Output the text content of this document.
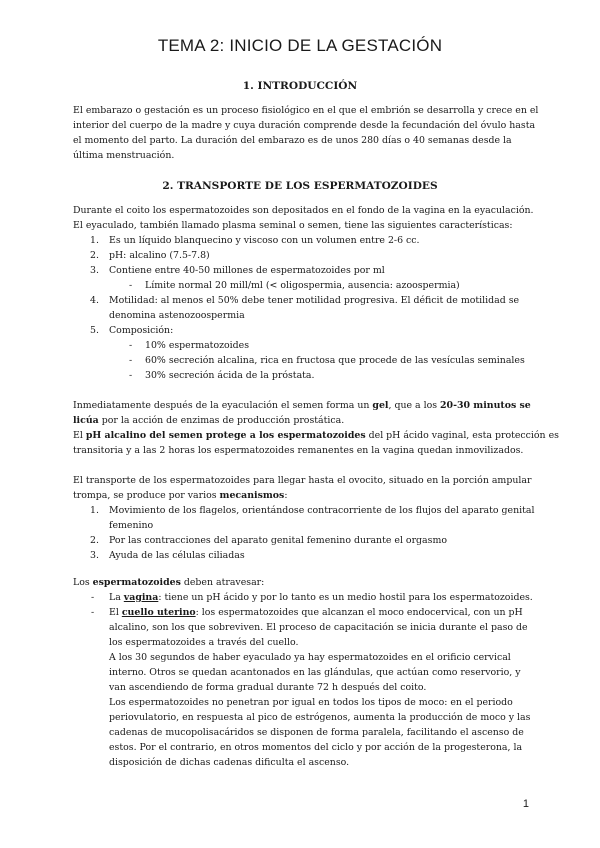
TEMA 2: INICIO DE LA GESTACIÓN
1. INTRODUCCIÓN
El embarazo o gestación es un proceso fisiológico en el que el embrión se desarrolla y crece en el
interior del cuerpo de la madre y cuya duración comprende desde la fecundación del óvulo hasta
el momento del parto. La duración del embarazo es de unos 280 días o 40 semanas desde la
última menstruación.
2. TRANSPORTE DE LOS ESPERMATOZOIDES
Durante el coito los espermatozoides son depositados en el fondo de la vagina en la eyaculación.
El eyaculado, también llamado plasma seminal o semen, tiene las siguientes características:
1. Es un líquido blanquecino y viscoso con un volumen entre 2-6 cc.
2. pH: alcalino (7.5-7.8)
3. Contiene entre 40-50 millones de espermatozoides por ml
- Límite normal 20 mill/ml (< oligospermia, ausencia: azoospermia)
4. Motilidad: al menos el 50% debe tener motilidad progresiva. El déficit de motilidad se
denomina astenozoospermia
5. Composición:
- 10% espermatozoides
- 60% secreción alcalina, rica en fructosa que procede de las vesículas seminales
- 30% secreción ácida de la próstata.
Inmediatamente después de la eyaculación el semen forma un gel, que a los 20-30 minutos se
licúa por la acción de enzimas de producción prostática.
El pH alcalino del semen protege a los espermatozoides del pH ácido vaginal, esta protección es
transitoria y a las 2 horas los espermatozoides remanentes en la vagina quedan inmovilizados.
El transporte de los espermatozoides para llegar hasta el ovocito, situado en la porción ampular
trompa, se produce por varios mecanismos:
1. Movimiento de los flagelos, orientándose contracorriente de los flujos del aparato genital
femenino
2. Por las contracciones del aparato genital femenino durante el orgasmo
3. Ayuda de las células ciliadas
Los espermatozoides deben atravesar:
- La vagina: tiene un pH ácido y por lo tanto es un medio hostil para los espermatozoides.
- El cuello uterino: los espermatozoides que alcanzan el moco endocervical, con un pH
alcalino, son los que sobreviven. El proceso de capacitación se inicia durante el paso de
los espermatozoides a través del cuello.
A los 30 segundos de haber eyaculado ya hay espermatozoides en el orificio cervical
interno. Otros se quedan acantonados en las glándulas, que actúan como reservorio, y
van ascendiendo de forma gradual durante 72 h después del coito.
Los espermatozoides no penetran por igual en todos los tipos de moco: en el periodo
periovulatorio, en respuesta al pico de estrógenos, aumenta la producción de moco y las
cadenas de mucopolisacáridos se disponen de forma paralela, facilitando el ascenso de
estos. Por el contrario, en otros momentos del ciclo y por acción de la progesterona, la
disposición de dichas cadenas dificulta el ascenso.
1
